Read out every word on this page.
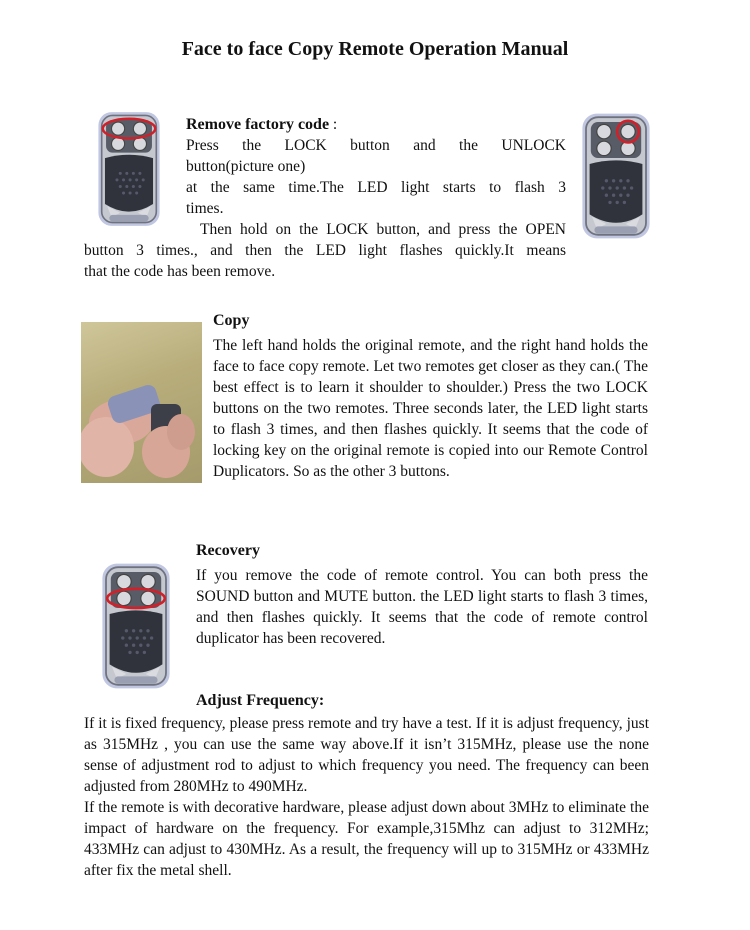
Face to face Copy Remote Operation Manual
Remove factory code :
Press the LOCK button and the UNLOCK
button(picture one)
at the same time.The LED light starts to flash 3
times.
Then hold on the LOCK button, and press the OPEN
button 3 times., and then the LED light flashes quickly.It means
that the code has been remove.
Copy
The left hand holds the original remote, and the right hand holds the face to face copy remote. Let two remotes get closer as they can.( The best effect is to learn it shoulder to shoulder.) Press the two LOCK buttons on the two remotes. Three seconds later, the LED light starts to flash 3 times, and then flashes quickly. It seems that the code of locking key on the original remote is copied into our Remote Control Duplicators. So as the other 3 buttons.
Recovery
If you remove the code of remote control. You can both press the SOUND button and MUTE button. the LED light starts to flash 3 times, and then flashes quickly. It seems that the code of remote control duplicator has been recovered.
Adjust Frequency:
If it is fixed frequency, please press remote and try have a test. If it is adjust frequency, just as 315MHz , you can use the same way above.If it isn’t 315MHz, please use the none sense of adjustment rod to adjust to which frequency you need. The frequency can been adjusted from 280MHz to 490MHz.
If the remote is with decorative hardware, please adjust down about 3MHz to eliminate the impact of hardware on the frequency. For example,315Mhz can adjust to 312MHz; 433MHz can adjust to 430MHz. As a result, the frequency will up to 315MHz or 433MHz after fix the metal shell.
